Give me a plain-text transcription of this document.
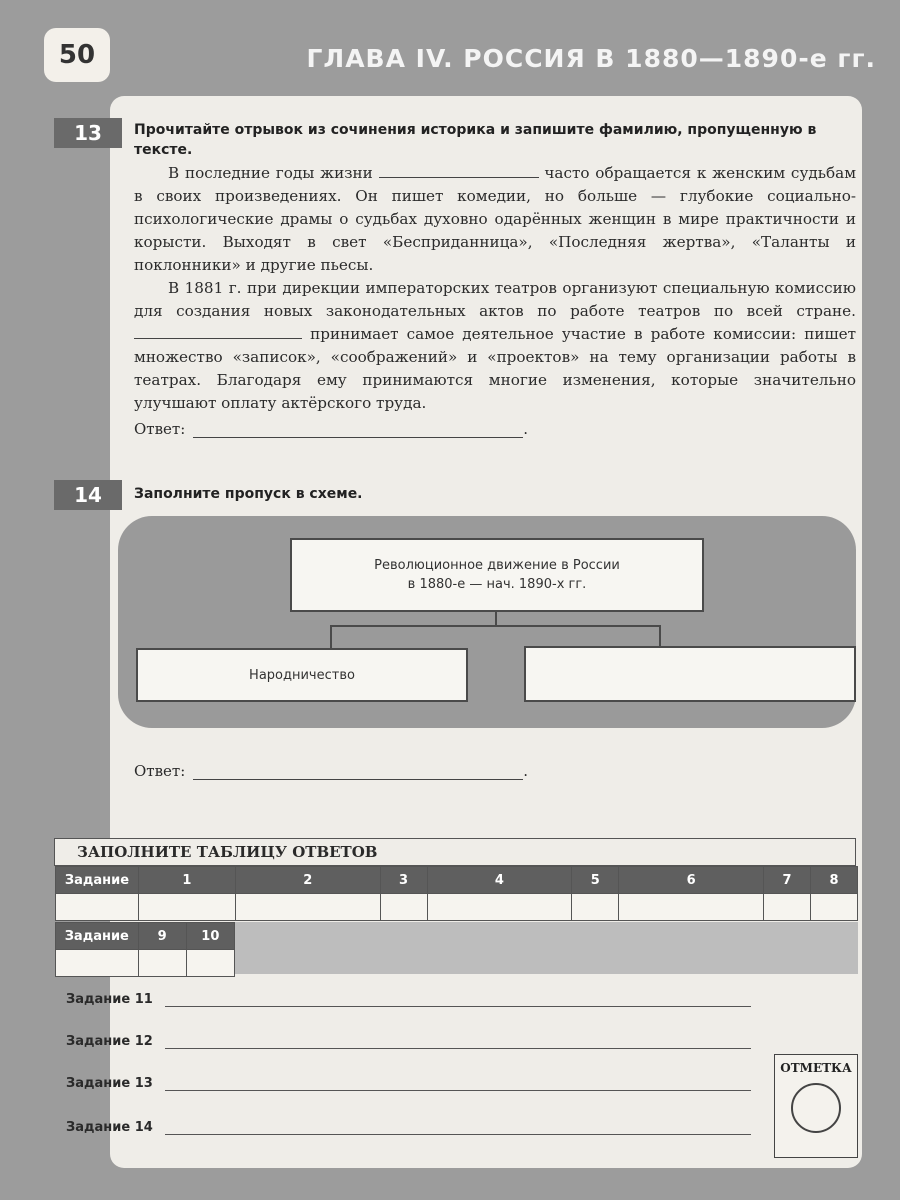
50	ГЛАВА IV. РОССИЯ В 1880—1890-е гг.
13	Прочитайте отрывок из сочинения историка и запишите фамилию, пропущенную в тексте.

В последние годы жизни	часто обращается к женским судьбам в своих произведениях. Он пишет комедии, но больше — глубокие социально-психологические драмы о судьбах духовно одарённых женщин в мире практичности и корысти. Выходят в свет «Бесприданница», «Последняя жертва», «Таланты и поклонники» и другие пьесы.

В 1881 г. при дирекции императорских театров организуют специальную комиссию для создания новых законодательных актов по работе театров по всей стране.  принимает самое деятельное участие в работе комиссии: пишет множество «записок», «соображений» и «проектов» на тему организации работы в театрах. Благодаря ему принимаются многие изменения, которые значительно улучшают оплату актёрского труда.

Ответ:	.
14	Заполните пропуск в схеме.
Революционное движение в России
в 1880-е — нач. 1890-х гг.
Народничество
Ответ:	.
ЗАПОЛНИТЕ ТАБЛИЦУ ОТВЕТОВ
Задание	1	2	3	4	5	6	7	8

Задание	9	10

Задание 11
Задание 12
Задание 13
Задание 14
ОТМЕТКА
